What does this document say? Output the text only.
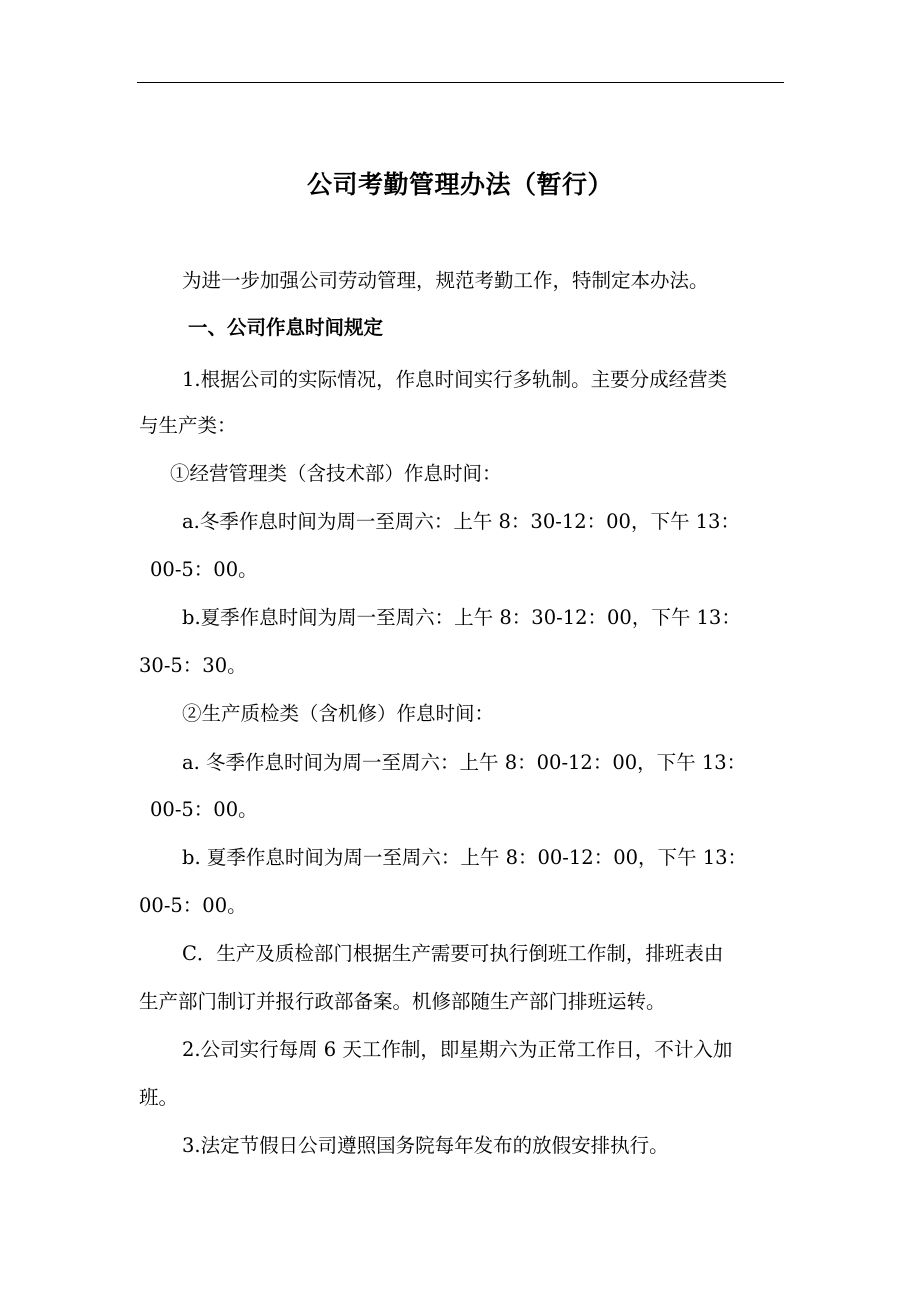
公司考勤管理办法（暂行）
为进一步加强公司劳动管理，规范考勤工作，特制定本办法。
一、公司作息时间规定
1.根据公司的实际情况，作息时间实行多轨制。主要分成经营类
与生产类：
①经营管理类（含技术部）作息时间：
a.冬季作息时间为周一至周六：上午 8：30-12：00，下午 13：
00-5：00。
b.夏季作息时间为周一至周六：上午 8：30-12：00，下午 13：
30-5：30。
②生产质检类（含机修）作息时间：
a. 冬季作息时间为周一至周六：上午 8：00-12：00，下午 13：
00-5：00。
b. 夏季作息时间为周一至周六：上午 8：00-12：00，下午 13：
00-5：00。
C．生产及质检部门根据生产需要可执行倒班工作制，排班表由
生产部门制订并报行政部备案。机修部随生产部门排班运转。
2.公司实行每周 6 天工作制，即星期六为正常工作日，不计入加
班。
3.法定节假日公司遵照国务院每年发布的放假安排执行。
